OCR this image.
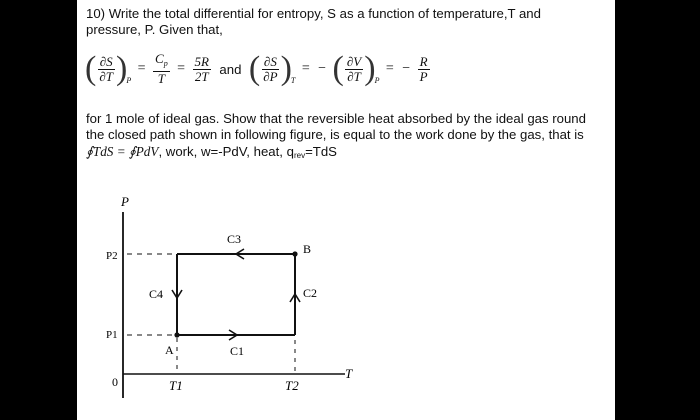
10) Write the total differential for entropy, S as a function of temperature,T and
pressure, P. Given that,
( $\frac{\partial S}{\partial T} )_P = \frac{C_p}{T} = \frac{5R}{2T}$ and ( $\frac{\partial S}{\partial P} )_T$ = − ( $\frac{\partial V}{\partial T} )_P$ = − $\frac{R}{P}$
for 1 mole of ideal gas. Show that the reversible heat absorbed by the ideal gas round
the closed path shown in following figure, is equal to the work done by the gas, that is
∮TdS = ∮PdV, work, w=-PdV, heat, qrev=TdS
P
T
0
P2
P1
A
B
C1
C2
C3
C4
T1	T2
